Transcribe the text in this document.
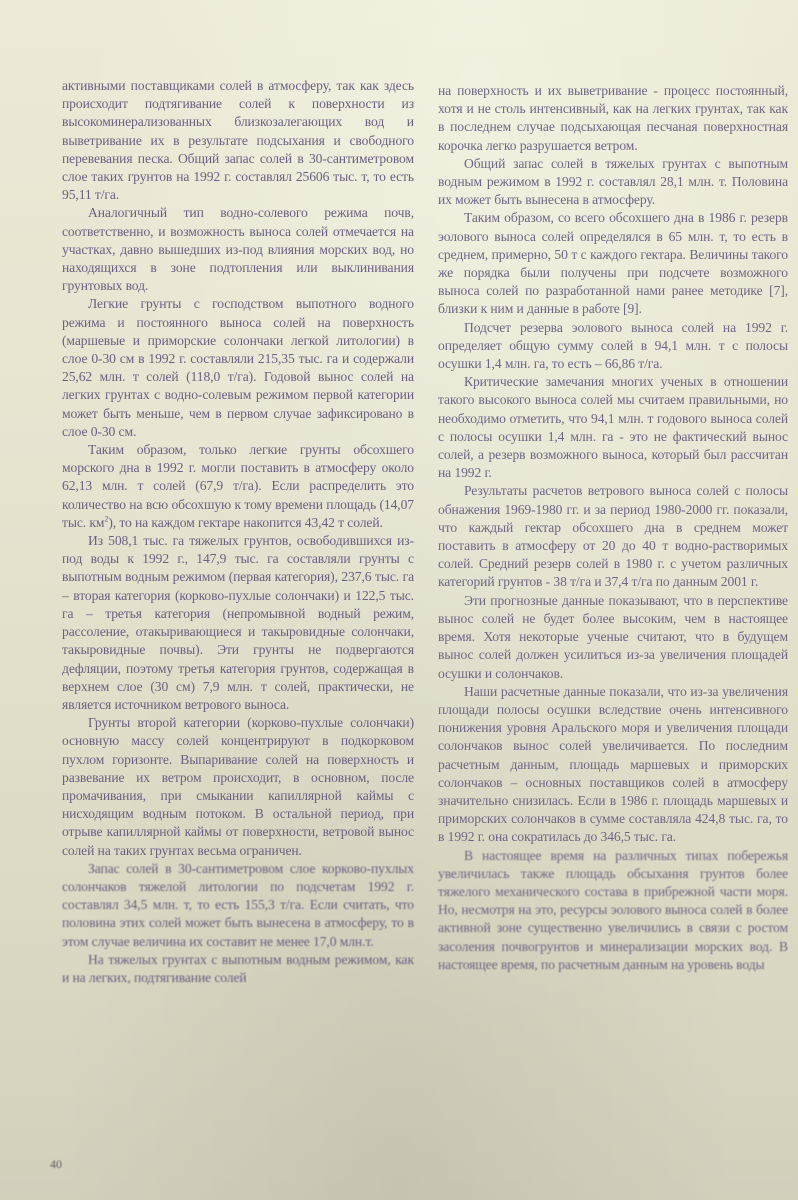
активными поставщиками солей в атмосферу, так как здесь происходит подтягивание солей к поверхности из высокоминерализованных близкозалегающих вод и выветривание их в результате подсыхания и свободного перевевания песка. Общий запас солей в 30-сантиметровом слое таких грунтов на 1992 г. составлял 25606 тыс. т, то есть 95,11 т/га.

Аналогичный тип водно-солевого режима почв, соответственно, и возможность выноса солей отмечается на участках, давно вышедших из-под влияния морских вод, но находящихся в зоне подтопления или выклинивания грунтовых вод.

Легкие грунты с господством выпотного водного режима и постоянного выноса солей на поверхность (маршевые и приморские солончаки легкой литологии) в слое 0-30 см в 1992 г. составляли 215,35 тыс. га и содержали 25,62 млн. т солей (118,0 т/га). Годовой вынос солей на легких грунтах с водно-солевым режимом первой категории может быть меньше, чем в первом случае зафиксировано в слое 0-30 см.

Таким образом, только легкие грунты обсохшего морского дна в 1992 г. могли поставить в атмосферу около 62,13 млн. т солей (67,9 т/га). Если распределить это количество на всю обсохшую к тому времени площадь (14,07 тыс. $км^2$), то на каждом гектаре накопится 43,42 т солей.

Из 508,1 тыс. га тяжелых грунтов, освободившихся из-под воды к 1992 г., 147,9 тыс. га составляли грунты с выпотным водным режимом (первая категория), 237,6 тыс. га – вторая категория (корково-пухлые солончаки) и 122,5 тыс. га – третья категория (непромывной водный режим, рассоление, отакыривающиеся и такыровидные солончаки, такыровидные почвы). Эти грунты не подвергаются дефляции, поэтому третья категория грунтов, содержащая в верхнем слое (30 см) 7,9 млн. т солей, практически, не является источником ветрового выноса.

Грунты второй категории (корково-пухлые солончаки) основную массу солей концентрируют в подкорковом пухлом горизонте. Выпаривание солей на поверхность и развевание их ветром происходит, в основном, после промачивания, при смыкании капиллярной каймы с нисходящим водным потоком. В остальной период, при отрыве капиллярной каймы от поверхности, ветровой вынос солей на таких грунтах весьма ограничен.

Запас солей в 30-сантиметровом слое корково-пухлых солончаков тяжелой литологии по подсчетам 1992 г. составлял 34,5 млн. т, то есть 155,3 т/га. Если считать, что половина этих солей может быть вынесена в атмосферу, то в этом случае величина их составит не менее 17,0 млн.т.

На тяжелых грунтах с выпотным водным режимом, как и на легких, подтягивание солей

на поверхность и их выветривание - процесс постоянный, хотя и не столь интенсивный, как на легких грунтах, так как в последнем случае подсыхающая песчаная поверхностная корочка легко разрушается ветром.

Общий запас солей в тяжелых грунтах с выпотным водным режимом в 1992 г. составлял 28,1 млн. т. Половина их может быть вынесена в атмосферу.

Таким образом, со всего обсохшего дна в 1986 г. резерв эолового выноса солей определялся в 65 млн. т, то есть в среднем, примерно, 50 т с каждого гектара. Величины такого же порядка были получены при подсчете возможного выноса солей по разработанной нами ранее методике [7], близки к ним и данные в работе [9].

Подсчет резерва эолового выноса солей на 1992 г. определяет общую сумму солей в 94,1 млн. т с полосы осушки 1,4 млн. га, то есть – 66,86 т/га.

Критические замечания многих ученых в отношении такого высокого выноса солей мы считаем правильными, но необходимо отметить, что 94,1 млн. т годового выноса солей с полосы осушки 1,4 млн. га - это не фактический вынос солей, а резерв возможного выноса, который был рассчитан на 1992 г.

Результаты расчетов ветрового выноса солей с полосы обнажения 1969-1980 гг. и за период 1980-2000 гг. показали, что каждый гектар обсохшего дна в среднем может поставить в атмосферу от 20 до 40 т водно-растворимых солей. Средний резерв солей в 1980 г. с учетом различных категорий грунтов - 38 т/га и 37,4 т/га по данным 2001 г.

Эти прогнозные данные показывают, что в перспективе вынос солей не будет более высоким, чем в настоящее время. Хотя некоторые ученые считают, что в будущем вынос солей должен усилиться из-за увеличения площадей осушки и солончаков.

Наши расчетные данные показали, что из-за увеличения площади полосы осушки вследствие очень интенсивного понижения уровня Аральского моря и увеличения площади солончаков вынос солей увеличивается. По последним расчетным данным, площадь маршевых и приморских солончаков – основных поставщиков солей в атмосферу значительно снизилась. Если в 1986 г. площадь маршевых и приморских солончаков в сумме составляла 424,8 тыс. га, то в 1992 г. она сократилась до 346,5 тыс. га.

В настоящее время на различных типах побережья увеличилась также площадь обсыхания грунтов более тяжелого механического состава в прибрежной части моря. Но, несмотря на это, ресурсы эолового выноса солей в более активной зоне существенно увеличились в связи с ростом засоления почвогрунтов и минерализации морских вод. В настоящее время, по расчетным данным на уровень воды

40
